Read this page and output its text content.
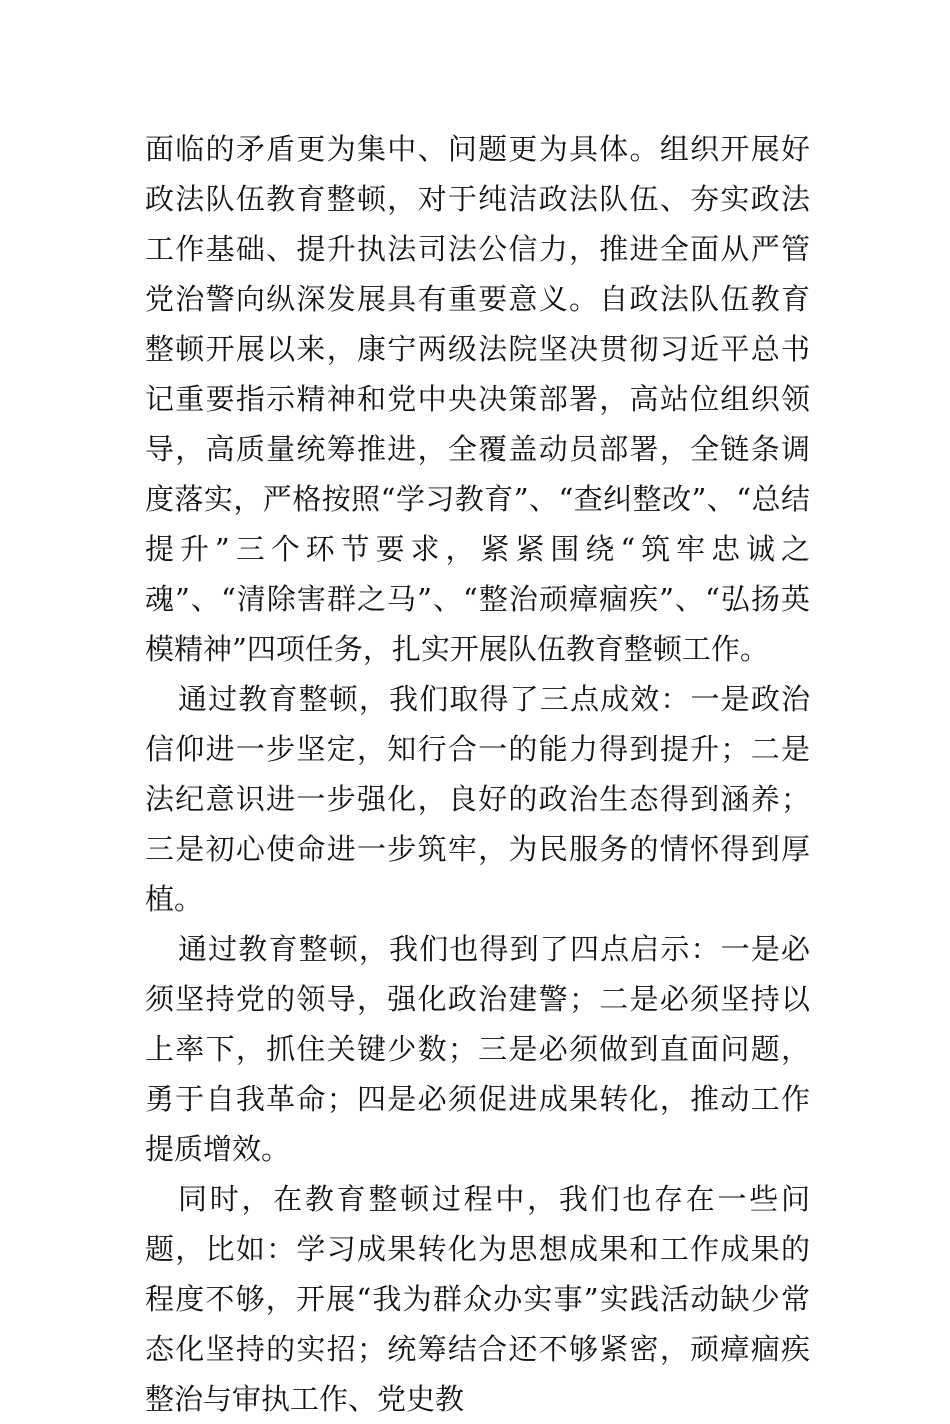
面临的矛盾更为集中、问题更为具体。组织开展好政法队伍教育整顿，对于纯洁政法队伍、夯实政法工作基础、提升执法司法公信力，推进全面从严管党治警向纵深发展具有重要意义。自政法队伍教育整顿开展以来，康宁两级法院坚决贯彻习近平总书记重要指示精神和党中央决策部署，高站位组织领导，高质量统筹推进，全覆盖动员部署，全链条调度落实，严格按照“学习教育”、“查纠整改”、“总结提升”三个环节要求，紧紧围绕“筑牢忠诚之魂”、“清除害群之马”、“整治顽瘴痼疾”、“弘扬英模精神”四项任务，扎实开展队伍教育整顿工作。

通过教育整顿，我们取得了三点成效：一是政治信仰进一步坚定，知行合一的能力得到提升；二是法纪意识进一步强化，良好的政治生态得到涵养；三是初心使命进一步筑牢，为民服务的情怀得到厚植。

通过教育整顿，我们也得到了四点启示：一是必须坚持党的领导，强化政治建警；二是必须坚持以上率下，抓住关键少数；三是必须做到直面问题，勇于自我革命；四是必须促进成果转化，推动工作提质增效。

同时，在教育整顿过程中，我们也存在一些问题，比如：学习成果转化为思想成果和工作成果的程度不够，开展“我为群众办实事”实践活动缺少常态化坚持的实招；统筹结合还不够紧密，顽瘴痼疾整治与审执工作、党史教
